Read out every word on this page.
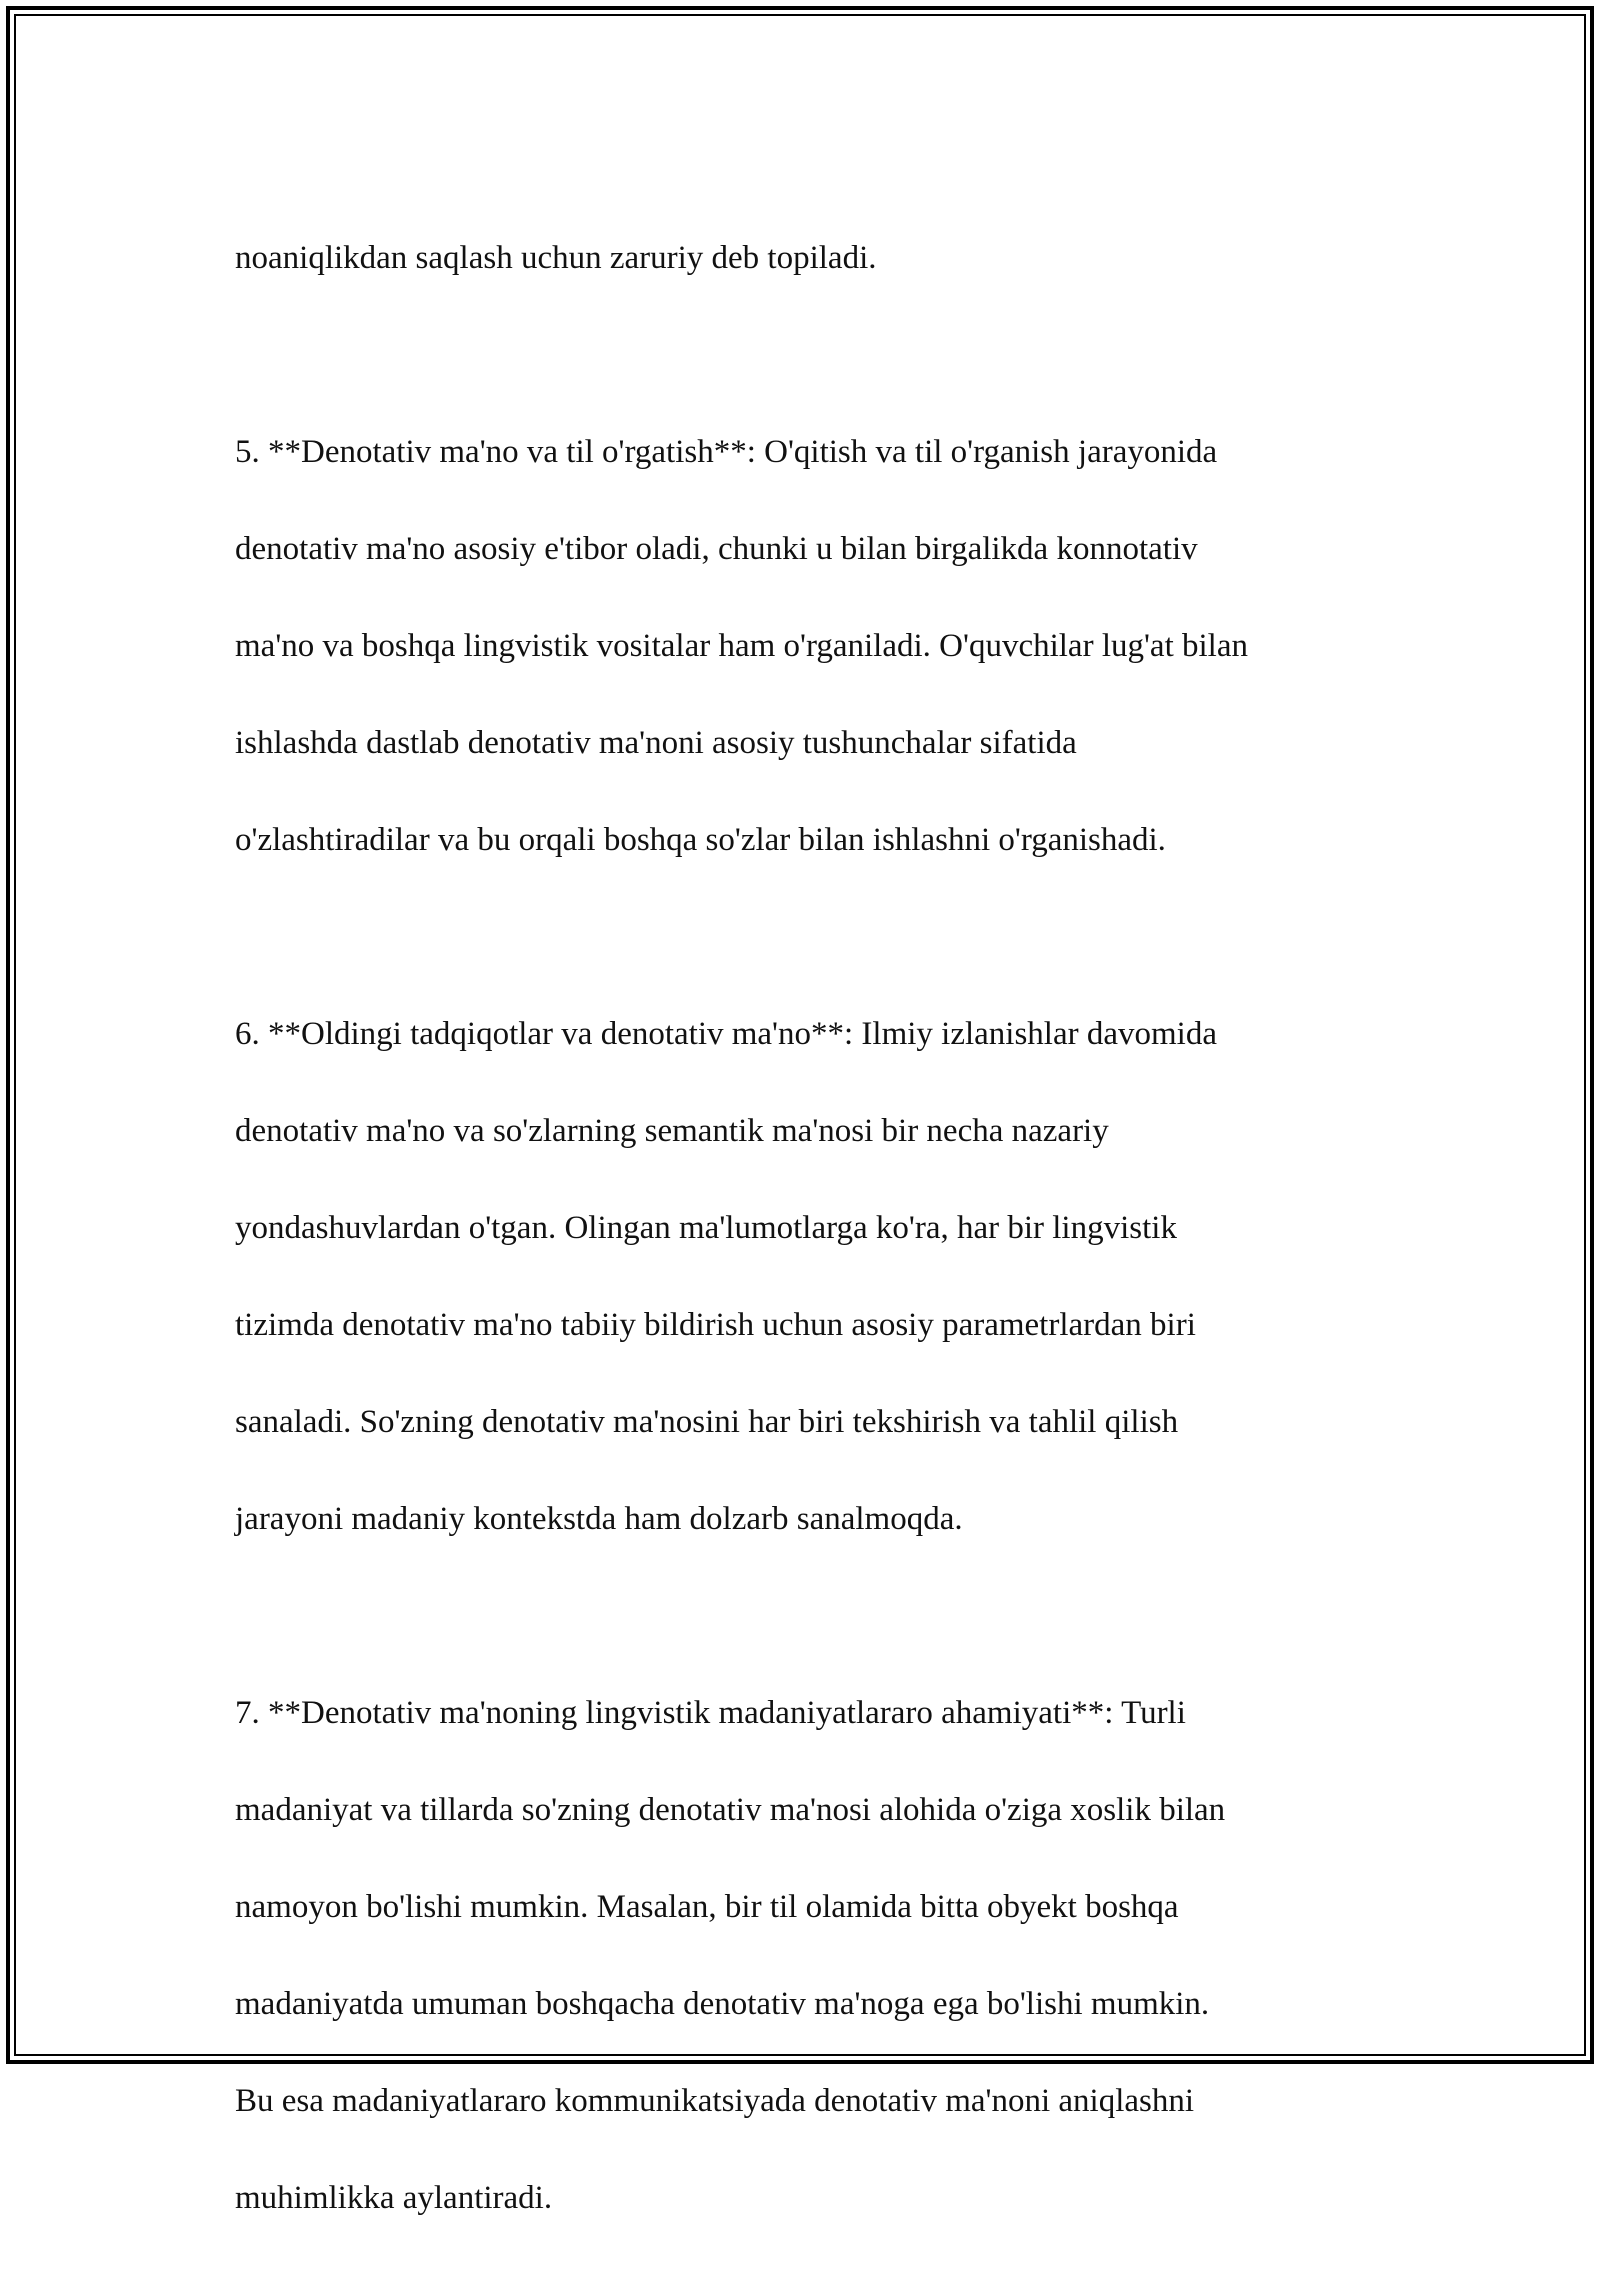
noaniqlikdan saqlash uchun zaruriy deb topiladi.

5. **Denotativ ma'no va til o'rgatish**: O'qitish va til o'rganish jarayonida

denotativ ma'no asosiy e'tibor oladi, chunki u bilan birgalikda konnotativ

ma'no va boshqa lingvistik vositalar ham o'rganiladi. O'quvchilar lug'at bilan

ishlashda dastlab denotativ ma'noni asosiy tushunchalar sifatida

o'zlashtiradilar va bu orqali boshqa so'zlar bilan ishlashni o'rganishadi.

6. **Oldingi tadqiqotlar va denotativ ma'no**: Ilmiy izlanishlar davomida

denotativ ma'no va so'zlarning semantik ma'nosi bir necha nazariy

yondashuvlardan o'tgan. Olingan ma'lumotlarga ko'ra, har bir lingvistik

tizimda denotativ ma'no tabiiy bildirish uchun asosiy parametrlardan biri

sanaladi. So'zning denotativ ma'nosini har biri tekshirish va tahlil qilish

jarayoni madaniy kontekstda ham dolzarb sanalmoqda.

7. **Denotativ ma'noning lingvistik madaniyatlararo ahamiyati**: Turli

madaniyat va tillarda so'zning denotativ ma'nosi alohida o'ziga xoslik bilan

namoyon bo'lishi mumkin. Masalan, bir til olamida bitta obyekt boshqa

madaniyatda umuman boshqacha denotativ ma'noga ega bo'lishi mumkin.

Bu esa madaniyatlararo kommunikatsiyada denotativ ma'noni aniqlashni

muhimlikka aylantiradi.
